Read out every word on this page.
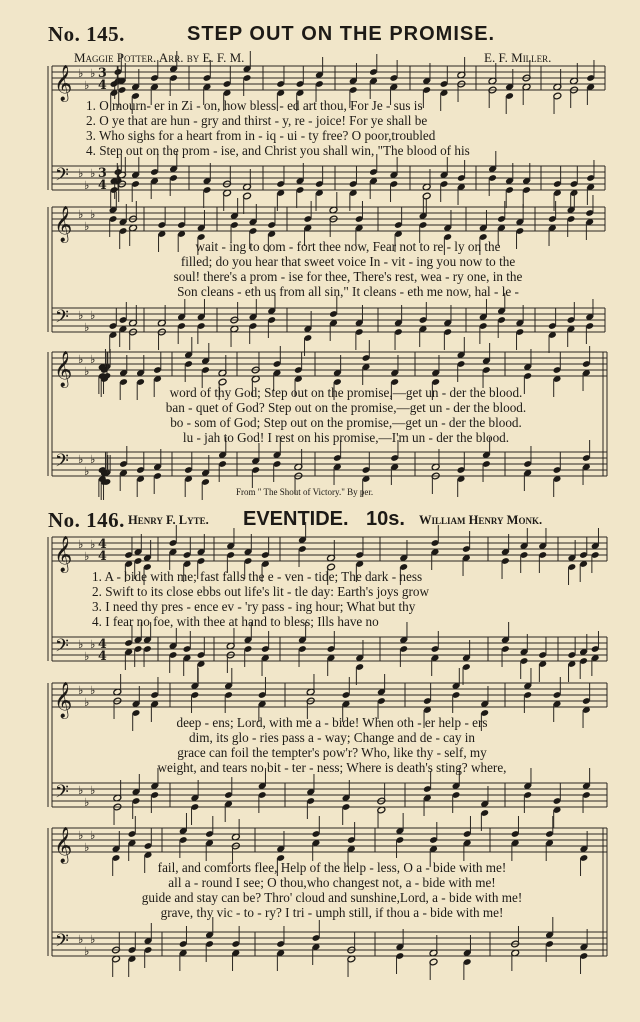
No. 145.	STEP OUT ON THE PROMISE.
Maggie Potter. Arr. by E. F. M.	E. F. Miller.
𝄞
𝄢
♭
♭
♭
♭
♭
♭
3
4
3
4
𝄞
𝄢
♭
♭
♭
♭
♭
♭
𝄞
𝄢
♭
♭
♭
♭
♭
♭
𝄞
𝄢
♭
♭
♭
♭
♭
♭
4
4
4
4
𝄞
𝄢
♭
♭
♭
♭
♭
♭
𝄞
𝄢
♭
♭
♭
♭
♭
♭
1. O mourn- er in Zi - on, how bless - ed art thou, For Je - sus is
2. O ye that are hun - gry and thirst - y, re - joice! For ye shall be
3. Who sighs for a heart from in - iq - ui - ty free? O poor,troubled
4. Step out on the prom - ise, and Christ you shall win, "The blood of his
wait - ing to com - fort thee now, Fear not to re - ly on the
filled; do you hear that sweet voice In - vit - ing you now to the
soul! there's a prom - ise for thee, There's rest, wea - ry one, in the
Son cleans - eth us from all sin," It cleans - eth me now, hal - le -
word of thy God; Step out on the promise,—get un - der the blood.
ban - quet of God? Step out on the promise,—get un - der the blood.
bo - som of God; Step out on the promise,—get un - der the blood.
lu - jah to God! I rest on his promise,—I'm un - der the blood.
From " The Shout of Victory." By per.
No. 146. Henry F. Lyte. EVENTIDE. 10s. William Henry Monk.
1. A - bide with me; fast falls the e - ven - tide; The dark - ness
2. Swift to its close ebbs out life's lit - tle day: Earth's joys grow
3. I need thy pres - ence ev - 'ry pass - ing hour; What but thy
4. I fear no foe, with thee at hand to bless; Ills have no
deep - ens; Lord, with me a - bide! When oth - er help - ers
dim, its glo - ries pass a - way; Change and de - cay in
grace can foil the tempter's pow'r? Who, like thy - self, my
weight, and tears no bit - ter - ness; Where is death's sting? where,
fail, and comforts flee, Help of the help - less, O a - bide with me!
all a - round I see; O thou,who changest not, a - bide with me!
guide and stay can be? Thro' cloud and sunshine,Lord, a - bide with me!
grave, thy vic - to - ry? I tri - umph still, if thou a - bide with me!
